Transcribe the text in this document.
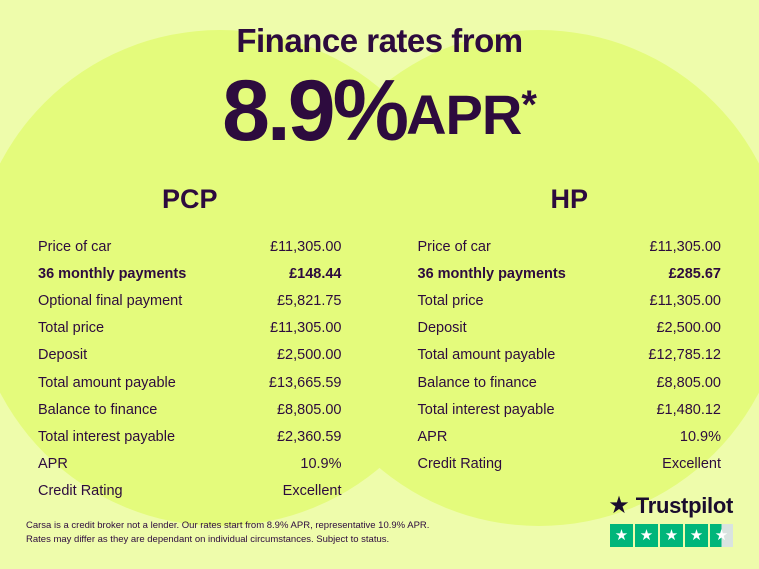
Finance rates from
8.9%APR*
PCP
Price of car	£11,305.00
36 monthly payments	£148.44
Optional final payment	£5,821.75
Total price	£11,305.00
Deposit	£2,500.00
Total amount payable	£13,665.59
Balance to finance	£8,805.00
Total interest payable	£2,360.59
APR	10.9%
Credit Rating	Excellent
HP
Price of car	£11,305.00
36 monthly payments	£285.67
Total price	£11,305.00
Deposit	£2,500.00
Total amount payable	£12,785.12
Balance to finance	£8,805.00
Total interest payable	£1,480.12
APR	10.9%
Credit Rating	Excellent
Carsa is a credit broker not a lender. Our rates start from 8.9% APR, representative 10.9% APR.
Rates may differ as they are dependant on individual circumstances. Subject to status.
★ Trustpilot
★ ★ ★ ★ ★
